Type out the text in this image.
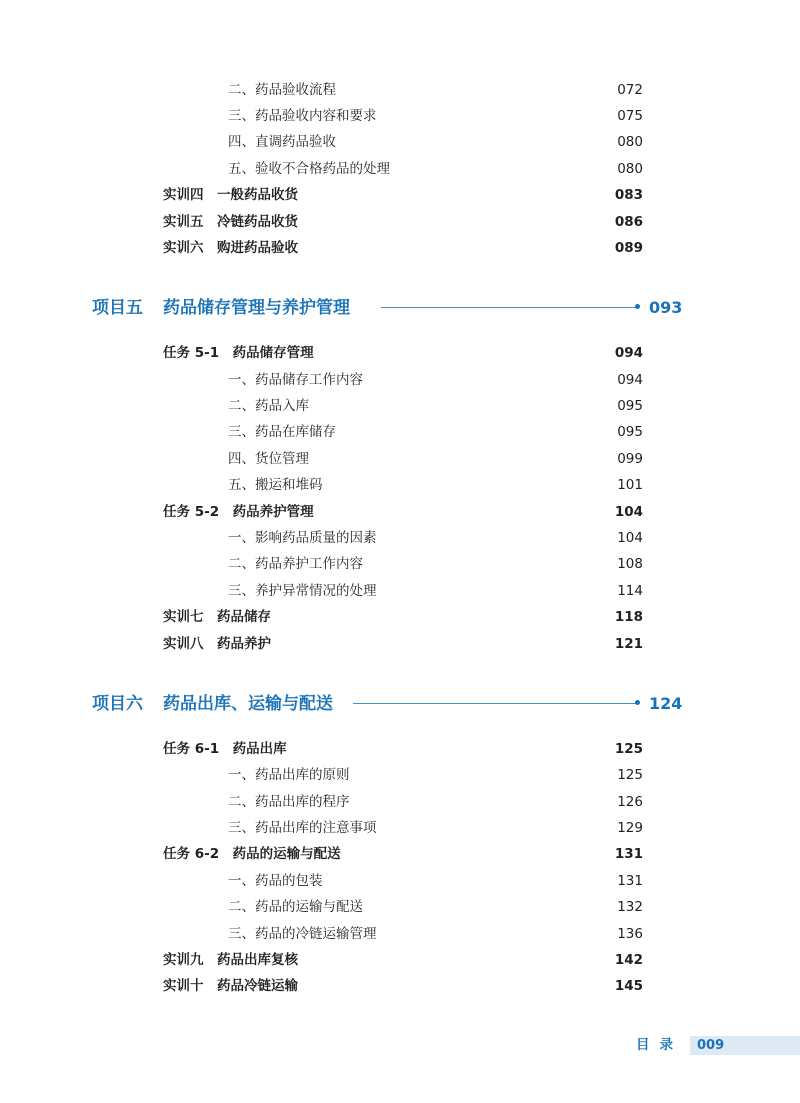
二、药品验收流程	072
三、药品验收内容和要求	075
四、直调药品验收	080
五、验收不合格药品的处理	080
实训四　一般药品收货	083
实训五　冷链药品收货	086
实训六　购进药品验收	089
项目五 药品储存管理与养护管理	093
任务 5-1　药品储存管理	094
一、药品储存工作内容	094
二、药品入库	095
三、药品在库储存	095
四、货位管理	099
五、搬运和堆码	101
任务 5-2　药品养护管理	104
一、影响药品质量的因素	104
二、药品养护工作内容	108
三、养护异常情况的处理	114
实训七　药品储存	118
实训八　药品养护	121
项目六 药品出库、运输与配送	124
任务 6-1　药品出库	125
一、药品出库的原则	125
二、药品出库的程序	126
三、药品出库的注意事项	129
任务 6-2　药品的运输与配送	131
一、药品的包装	131
二、药品的运输与配送	132
三、药品的冷链运输管理	136
实训九　药品出库复核	142
实训十　药品冷链运输	145
目录 009
